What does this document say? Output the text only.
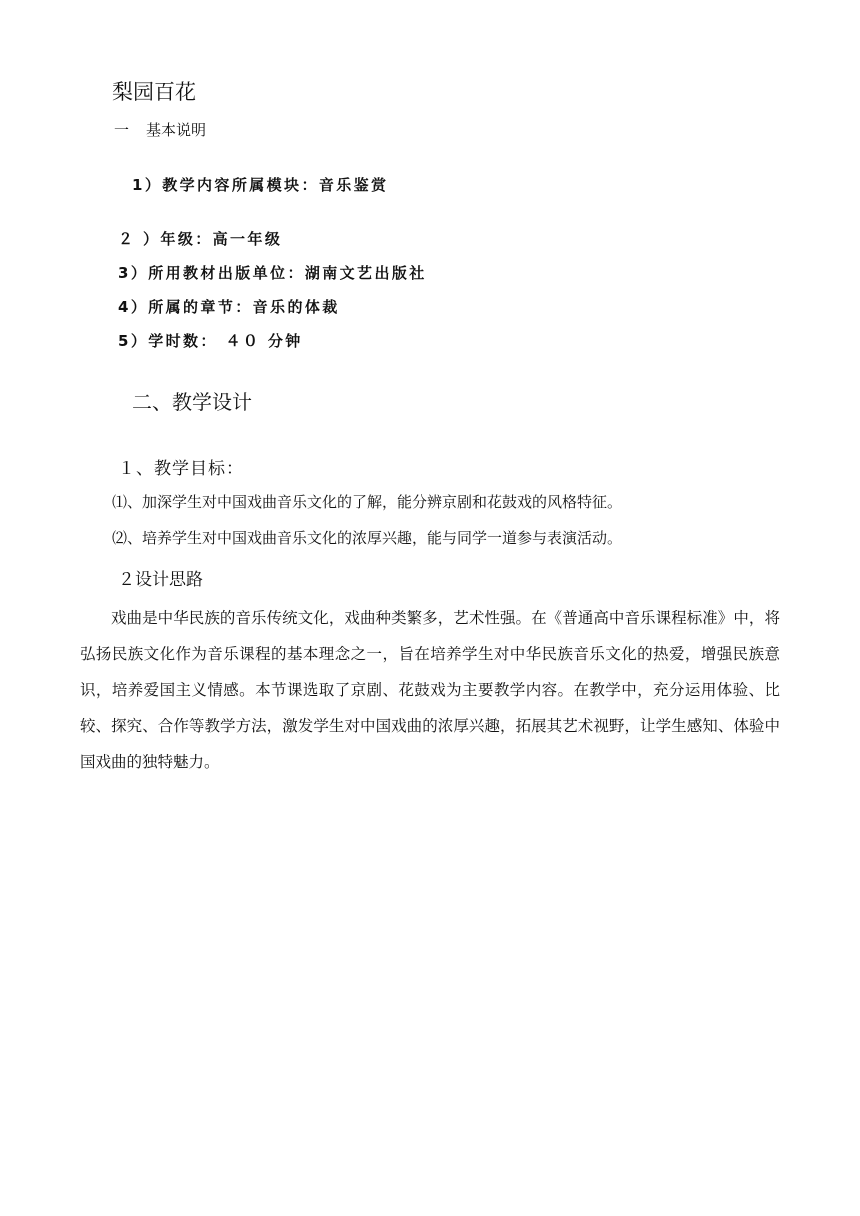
梨园百花
一 基本说明
1）教学内容所属模块：音乐鉴赏
２ ）年级：高一年级
3）所用教材出版单位：湖南文艺出版社
4）所属的章节：音乐的体裁
5）学时数： ４０ 分钟
二、教学设计
１、教学目标：
⑴、加深学生对中国戏曲音乐文化的了解，能分辨京剧和花鼓戏的风格特征。
⑵、培养学生对中国戏曲音乐文化的浓厚兴趣，能与同学一道参与表演活动。
２设计思路
戏曲是中华民族的音乐传统文化，戏曲种类繁多，艺术性强。在《普通高中音乐课程标准》中，将弘扬民族文化作为音乐课程的基本理念之一，旨在培养学生对中华民族音乐文化的热爱，增强民族意识，培养爱国主义情感。本节课选取了京剧、花鼓戏为主要教学内容。在教学中，充分运用体验、比较、探究、合作等教学方法，激发学生对中国戏曲的浓厚兴趣，拓展其艺术视野，让学生感知、体验中国戏曲的独特魅力。
